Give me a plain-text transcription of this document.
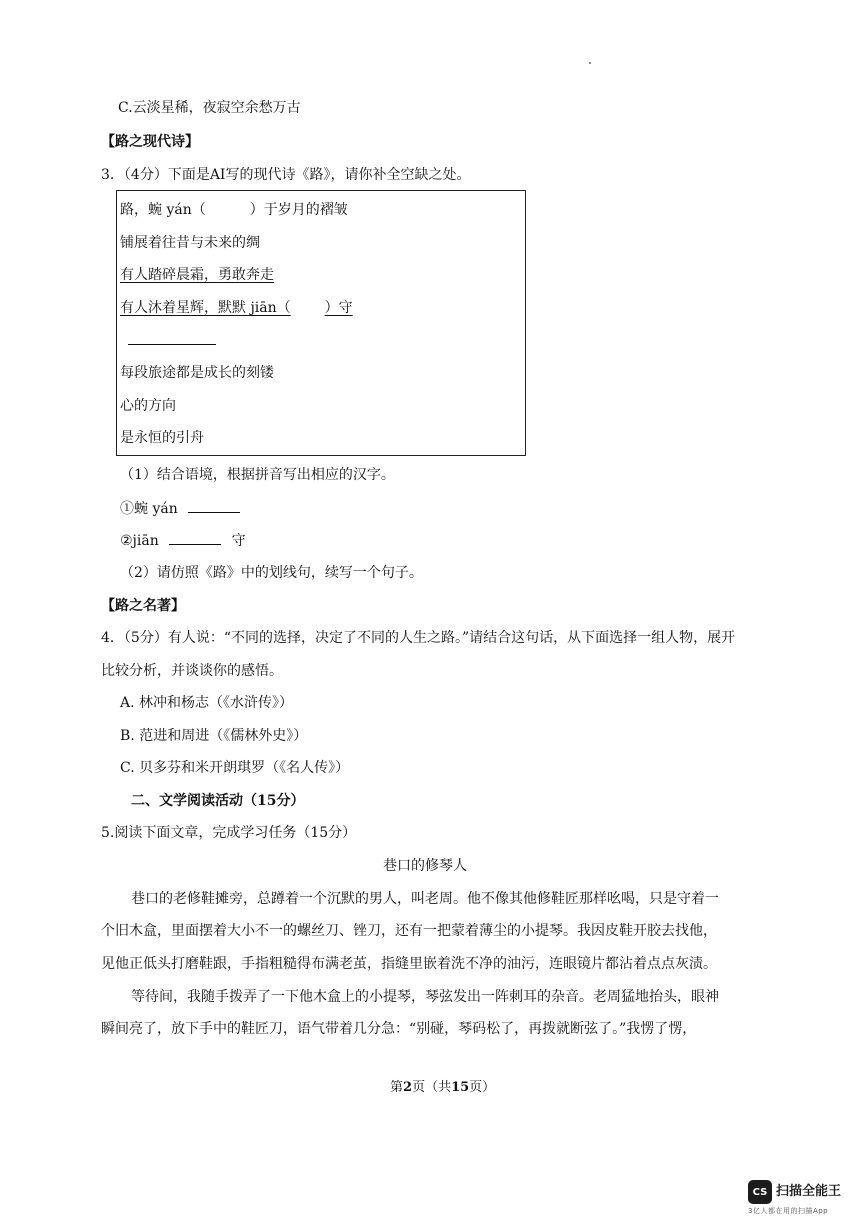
C.云淡星稀，夜寂空余愁万古
【路之现代诗】
3．（4分）下面是AI写的现代诗《路》，请你补全空缺之处。
路，蜿 yán（	）于岁月的褶皱
铺展着往昔与未来的绸
有人踏碎晨霜，勇敢奔走
有人沐着星辉，默默 jiān（ ）守
每段旅途都是成长的刻镂
心的方向
是永恒的引舟
（1）结合语境，根据拼音写出相应的汉字。
①蜿 yán
②jiān	守
（2）请仿照《路》中的划线句，续写一个句子。
【路之名著】
4．（5分）有人说：“不同的选择，决定了不同的人生之路。”请结合这句话，从下面选择一组人物，展开
比较分析，并谈谈你的感悟。
A. 林冲和杨志（《水浒传》）
B. 范进和周进（《儒林外史》）
C. 贝多芬和米开朗琪罗（《名人传》）
二、文学阅读活动（15分）
5.阅读下面文章，完成学习任务（15分）
巷口的修琴人
巷口的老修鞋摊旁，总蹲着一个沉默的男人，叫老周。他不像其他修鞋匠那样吆喝，只是守着一
个旧木盒，里面摆着大小不一的螺丝刀、锉刀，还有一把蒙着薄尘的小提琴。我因皮鞋开胶去找他，
见他正低头打磨鞋跟，手指粗糙得布满老茧，指缝里嵌着洗不净的油污，连眼镜片都沾着点点灰渍。
等待间，我随手拨弄了一下他木盒上的小提琴，琴弦发出一阵刺耳的杂音。老周猛地抬头，眼神
瞬间亮了，放下手中的鞋匠刀，语气带着几分急：“别碰，琴码松了，再拨就断弦了。”我愣了愣，
第2页（共15页）
CS 扫描全能王
3亿人都在用的扫描App
